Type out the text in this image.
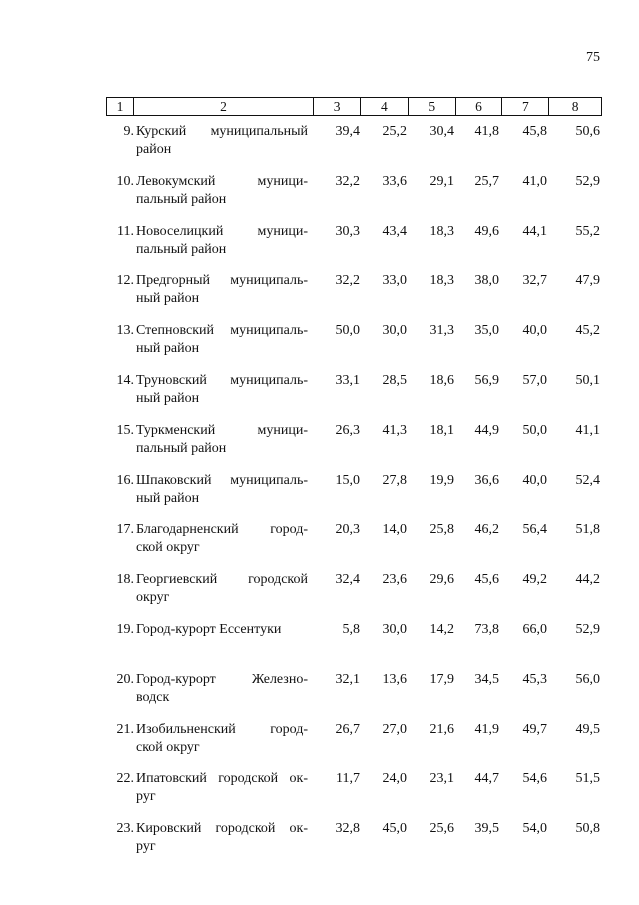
75
1	2	3	4	5	6	7	8
9. Курский муниципальный
район
39,4	25,2	30,4	41,8	45,8	50,6
10. Левокумский муници-
пальный район
32,2	33,6	29,1	25,7	41,0	52,9
11. Новоселицкий муници-
пальный район
30,3	43,4	18,3	49,6	44,1	55,2
12. Предгорный муниципаль-
ный район
32,2	33,0	18,3	38,0	32,7	47,9
13. Степновский муниципаль-
ный район
50,0	30,0	31,3	35,0	40,0	45,2
14. Труновский муниципаль-
ный район
33,1	28,5	18,6	56,9	57,0	50,1
15. Туркменский муници-
пальный район
26,3	41,3	18,1	44,9	50,0	41,1
16. Шпаковский муниципаль-
ный район
15,0	27,8	19,9	36,6	40,0	52,4
17. Благодарненский город-
ской округ
20,3	14,0	25,8	46,2	56,4	51,8
18. Георгиевский городской
округ
32,4	23,6	29,6	45,6	49,2	44,2
19. Город-курорт Ессентуки	5,8	30,0	14,2	73,8	66,0	52,9
20. Город-курорт Железно-
водск
32,1	13,6	17,9	34,5	45,3	56,0
21. Изобильненский город-
ской округ
26,7	27,0	21,6	41,9	49,7	49,5
22. Ипатовский городской ок-
руг
11,7	24,0	23,1	44,7	54,6	51,5
23. Кировский городской ок-
руг
32,8	45,0	25,6	39,5	54,0	50,8
